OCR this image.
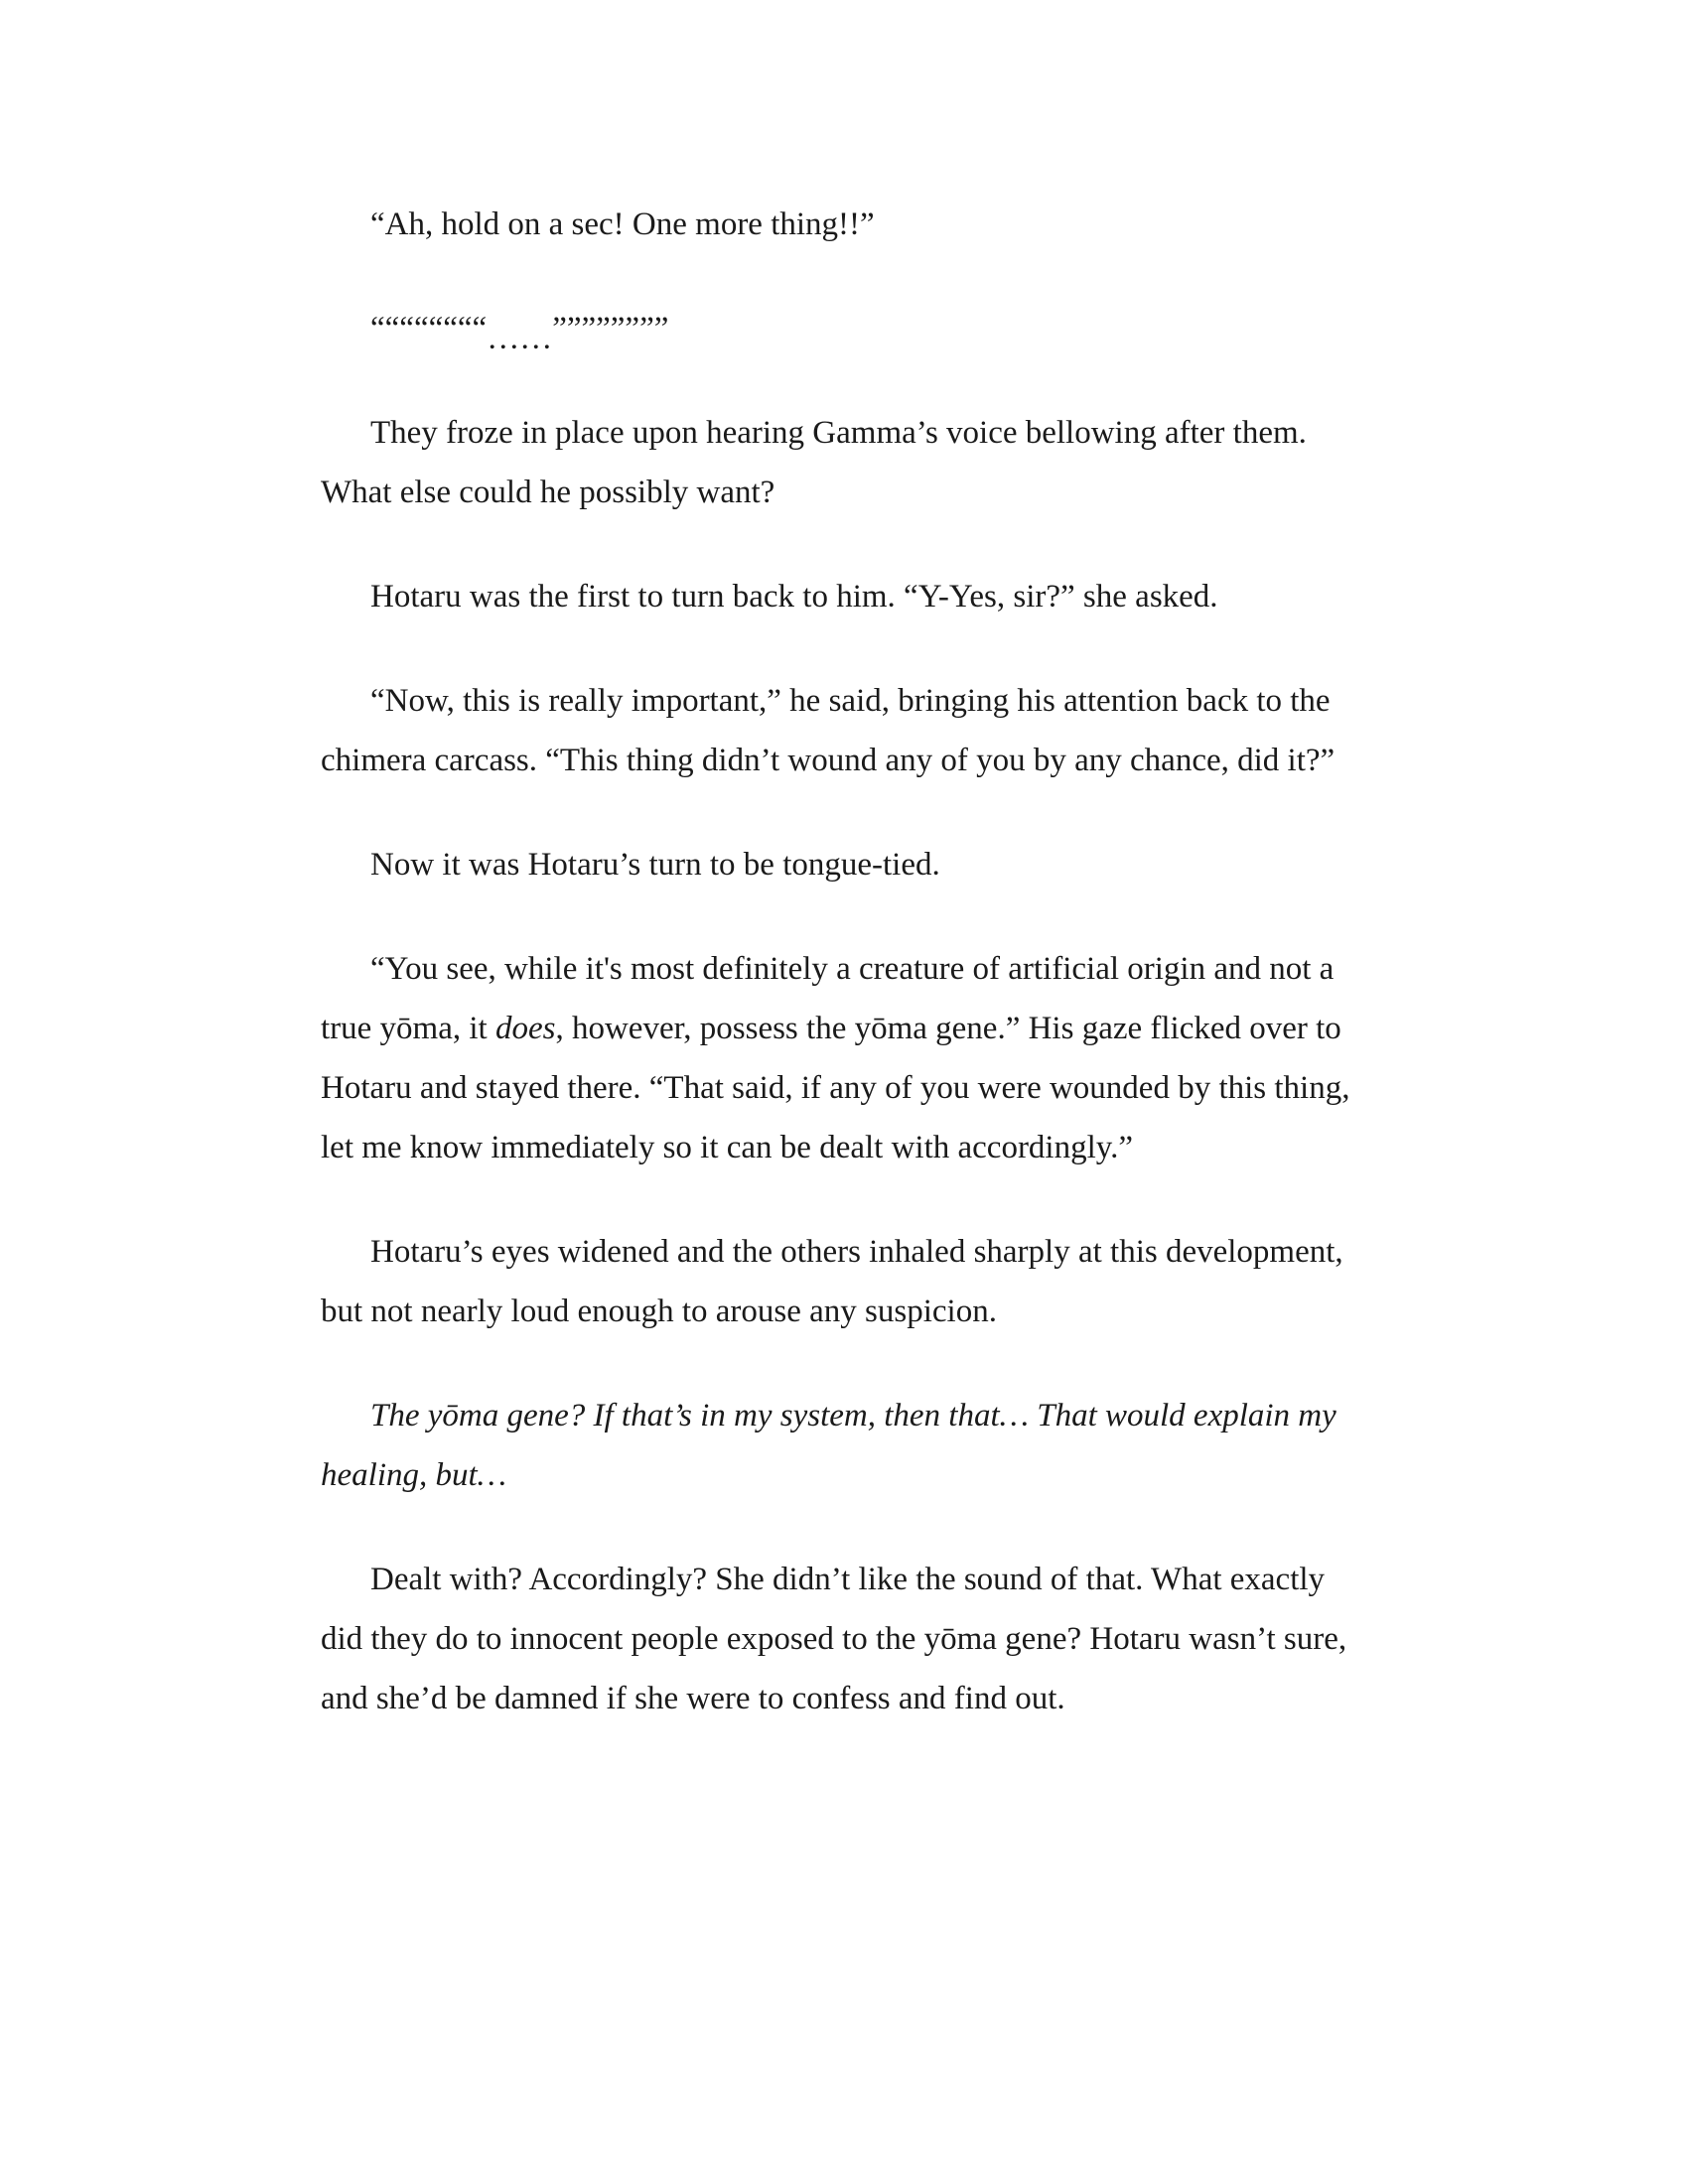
“Ah, hold on a sec! One more thing!!”

““““““““……””””””””

They froze in place upon hearing Gamma’s voice bellowing after them.
What else could he possibly want?

Hotaru was the first to turn back to him. “Y-Yes, sir?” she asked.

“Now, this is really important,” he said, bringing his attention back to the
chimera carcass. “This thing didn’t wound any of you by any chance, did it?”

Now it was Hotaru’s turn to be tongue-tied.

“You see, while it's most definitely a creature of artificial origin and not a
true yōma, it does, however, possess the yōma gene.” His gaze flicked over to
Hotaru and stayed there. “That said, if any of you were wounded by this thing,
let me know immediately so it can be dealt with accordingly.”

Hotaru’s eyes widened and the others inhaled sharply at this development,
but not nearly loud enough to arouse any suspicion.

The yōma gene? If that’s in my system, then that… That would explain my
healing, but…

Dealt with? Accordingly? She didn’t like the sound of that. What exactly
did they do to innocent people exposed to the yōma gene? Hotaru wasn’t sure,
and she’d be damned if she were to confess and find out.
